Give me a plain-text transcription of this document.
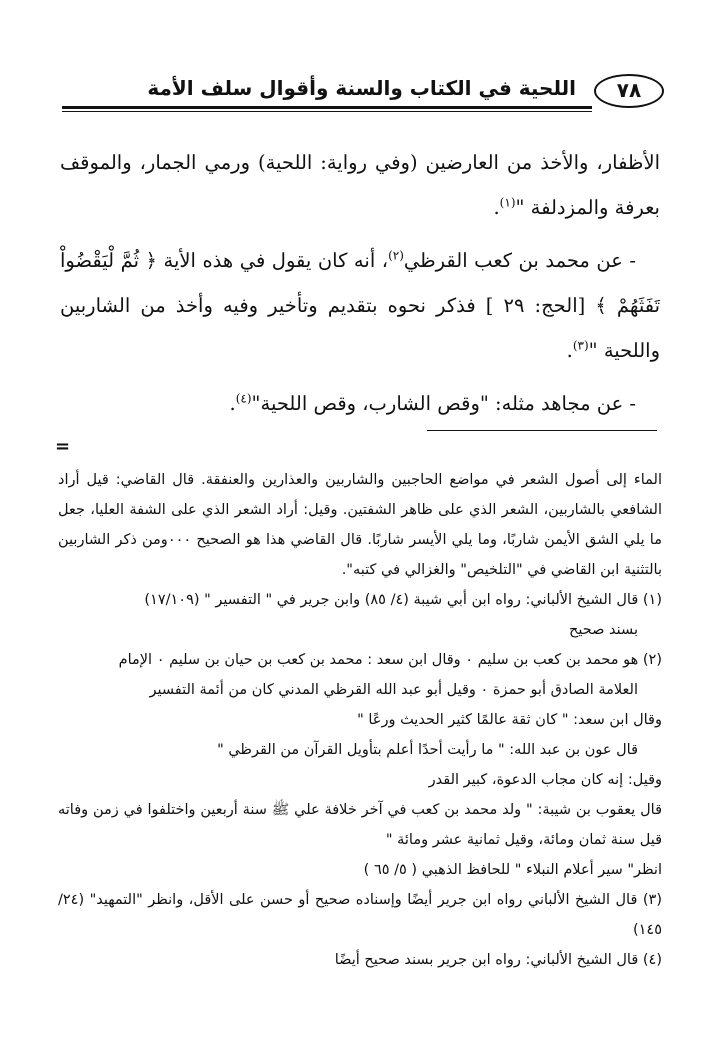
٧٨
اللحية في الكتاب والسنة وأقوال سلف الأمة

الأظفار، والأخذ من العارضين (وفي رواية: اللحية) ورمي الجمار، والموقف بعرفة والمزدلفة "$^{(١)}$.

- عن محمد بن كعب القرظي$^{(٢)}$، أنه كان يقول في هذه الأية ﴿ ثُمَّ لْيَقْضُواْ تَفَثَهُمْ ﴾ [الحج: ٢٩ ] فذكر نحوه بتقديم وتأخير وفيه وأخذ من الشاربين واللحية "$^{(٣)}$.

- عن مجاهد مثله: "وقص الشارب، وقص اللحية"$^{(٤)}$.

=

الماء إلى أصول الشعر في مواضع الحاجبين والشاربين والعذارين والعنفقة. قال القاضي: قيل أراد الشافعي بالشاربين، الشعر الذي على ظاهر الشفتين. وقيل: أراد الشعر الذي على الشفة العليا، جعل ما يلي الشق الأيمن شاربًا، وما يلي الأيسر شاربًا. قال القاضي هذا هو الصحيح ٠٠٠ومن ذكر الشاربين بالتثنية ابن القاضي في "التلخيص" والغزالي في كتبه".

(١) قال الشيخ الألباني: رواه ابن أبي شيبة (٤/ ٨٥) وابن جرير في " التفسير " (١٧/١٠٩)

بسند صحيح

(٢) هو محمد بن كعب بن سليم ٠ وقال ابن سعد : محمد بن كعب بن حيان بن سليم ٠ الإمام

العلامة الصادق أبو حمزة ٠ وقيل أبو عبد الله القرظي المدني كان من أئمة التفسير

وقال ابن سعد: " كان ثقة عالمًا كثير الحديث ورعًا "

قال عون بن عبد الله: " ما رأيت أحدًا أعلم بتأويل القرآن من القرظي "

وقيل: إنه كان مجاب الدعوة، كبير القدر

قال يعقوب بن شيبة: " ولد محمد بن كعب في آخر خلافة علي ﷺ سنة أربعين واختلفوا في زمن وفاته قيل سنة ثمان ومائة، وقيل ثمانية عشر ومائة "

انظر" سير أعلام النبلاء " للحافظ الذهبي ( ٥/ ٦٥ )

(٣) قال الشيخ الألباني رواه ابن جرير أيضًا وإسناده صحيح أو حسن على الأقل، وانظر "التمهيد" (٢٤/ ١٤٥)

(٤) قال الشيخ الألباني: رواه ابن جرير بسند صحيح أيضًا
